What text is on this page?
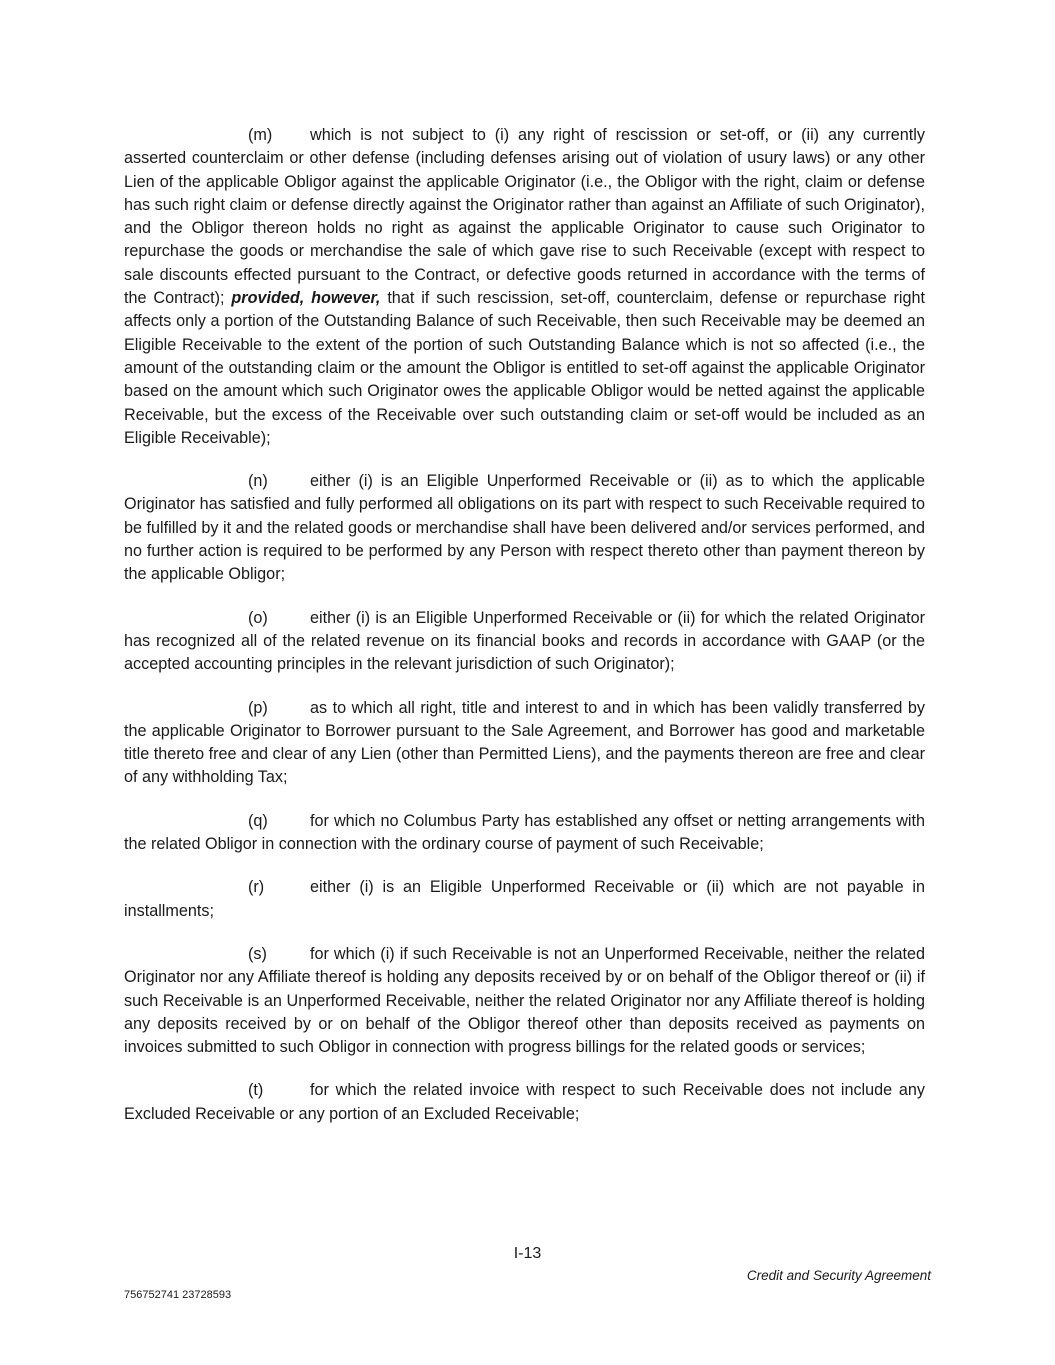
(m) which is not subject to (i) any right of rescission or set-off, or (ii) any currently asserted counterclaim or other defense (including defenses arising out of violation of usury laws) or any other Lien of the applicable Obligor against the applicable Originator (i.e., the Obligor with the right, claim or defense has such right claim or defense directly against the Originator rather than against an Affiliate of such Originator), and the Obligor thereon holds no right as against the applicable Originator to cause such Originator to repurchase the goods or merchandise the sale of which gave rise to such Receivable (except with respect to sale discounts effected pursuant to the Contract, or defective goods returned in accordance with the terms of the Contract); provided, however, that if such rescission, set-off, counterclaim, defense or repurchase right affects only a portion of the Outstanding Balance of such Receivable, then such Receivable may be deemed an Eligible Receivable to the extent of the portion of such Outstanding Balance which is not so affected (i.e., the amount of the outstanding claim or the amount the Obligor is entitled to set-off against the applicable Originator based on the amount which such Originator owes the applicable Obligor would be netted against the applicable Receivable, but the excess of the Receivable over such outstanding claim or set-off would be included as an Eligible Receivable);

(n)	either (i) is an Eligible Unperformed Receivable or (ii) as to which the applicable Originator has satisfied and fully performed all obligations on its part with respect to such Receivable required to be fulfilled by it and the related goods or merchandise shall have been delivered and/or services performed, and no further action is required to be performed by any Person with respect thereto other than payment thereon by the applicable Obligor;

(o)	either (i) is an Eligible Unperformed Receivable or (ii) for which the related Originator has recognized all of the related revenue on its financial books and records in accordance with GAAP (or the accepted accounting principles in the relevant jurisdiction of such Originator);

(p)	as to which all right, title and interest to and in which has been validly transferred by the applicable Originator to Borrower pursuant to the Sale Agreement, and Borrower has good and marketable title thereto free and clear of any Lien (other than Permitted Liens), and the payments thereon are free and clear of any withholding Tax;

(q)	for which no Columbus Party has established any offset or netting arrangements with the related Obligor in connection with the ordinary course of payment of such Receivable;

(r)	either (i) is an Eligible Unperformed Receivable or (ii) which are not payable in installments;

(s)	for which (i) if such Receivable is not an Unperformed Receivable, neither the related Originator nor any Affiliate thereof is holding any deposits received by or on behalf of the Obligor thereof or (ii) if such Receivable is an Unperformed Receivable, neither the related Originator nor any Affiliate thereof is holding any deposits received by or on behalf of the Obligor thereof other than deposits received as payments on invoices submitted to such Obligor in connection with progress billings for the related goods or services;

(t)	for which the related invoice with respect to such Receivable does not include any Excluded Receivable or any portion of an Excluded Receivable;

I-13
Credit and Security Agreement
756752741 23728593
